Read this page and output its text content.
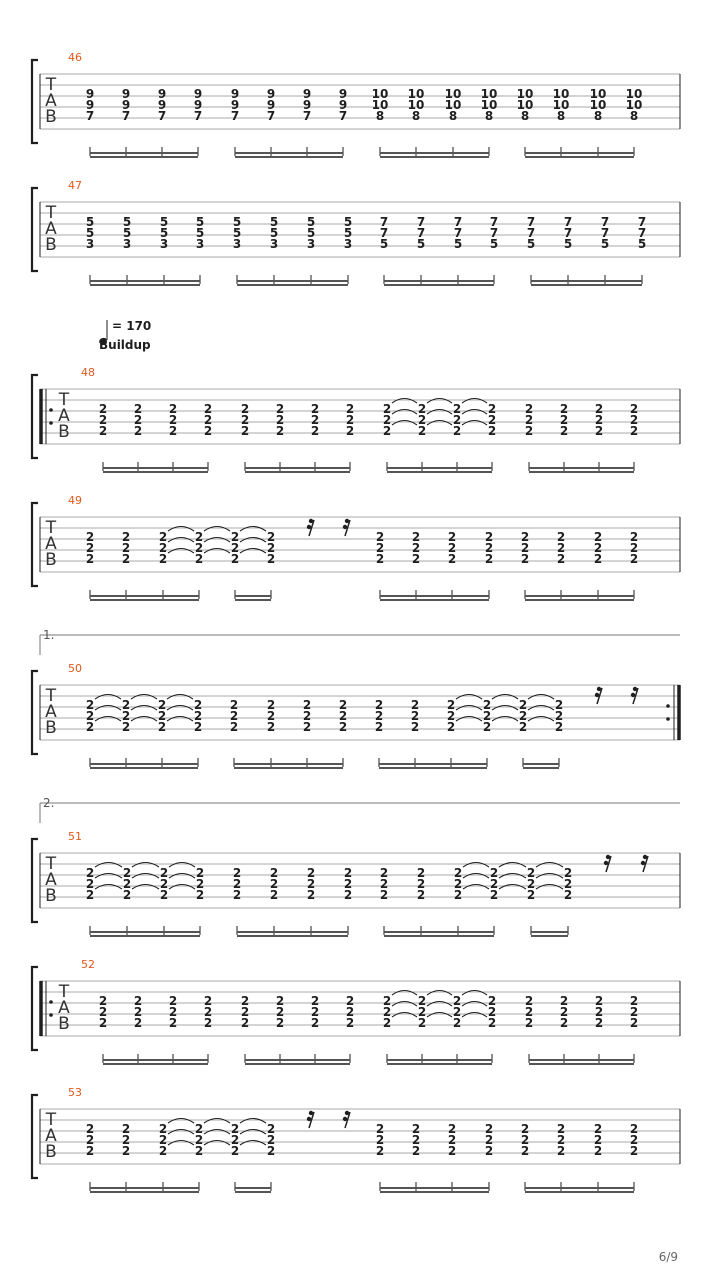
T
A
B
46
9
9
7
9
9
7
9
9
7
9
9
7
9
9
7
9
9
7
9
9
7
9
9
7
10
10
8
10
10
8
10
10
8
10
10
8
10
10
8
10
10
8
10
10
8
10
10
8
T
A
B
47
5
5
3
5
5
3
5
5
3
5
5
3
5
5
3
5
5
3
5
5
3
5
5
3
7
7
5
7
7
5
7
7
5
7
7
5
7
7
5
7
7
5
7
7
5
7
7
5
T
A
B
48
2
2
2
2
2
2
2
2
2
2
2
2
2
2
2
2
2
2
2
2
2
2
2
2
2
2
2
2
2
2
2
2
2
2
2
2
2
2
2
2
2
2
2
2
2
2
2
2
T
A
B
49
2
2
2
2
2
2
2
2
2
2
2
2
2
2
2
2
2
2
2
2
2
2
2
2
2
2
2
2
2
2
2
2
2
2
2
2
2
2
2
2
2
2
T
A
B
50
2
2
2
2
2
2
2
2
2
2
2
2
2
2
2
2
2
2
2
2
2
2
2
2
2
2
2
2
2
2
2
2
2
2
2
2
2
2
2
2
2
2
T
A
B
51
2
2
2
2
2
2
2
2
2
2
2
2
2
2
2
2
2
2
2
2
2
2
2
2
2
2
2
2
2
2
2
2
2
2
2
2
2
2
2
2
2
2
T
A
B
52
2
2
2
2
2
2
2
2
2
2
2
2
2
2
2
2
2
2
2
2
2
2
2
2
2
2
2
2
2
2
2
2
2
2
2
2
2
2
2
2
2
2
2
2
2
2
2
2
T
A
B
53
2
2
2
2
2
2
2
2
2
2
2
2
2
2
2
2
2
2
2
2
2
2
2
2
2
2
2
2
2
2
2
2
2
2
2
2
2
2
2
2
2
2
= 170
Buildup
1.
2.
6/9
